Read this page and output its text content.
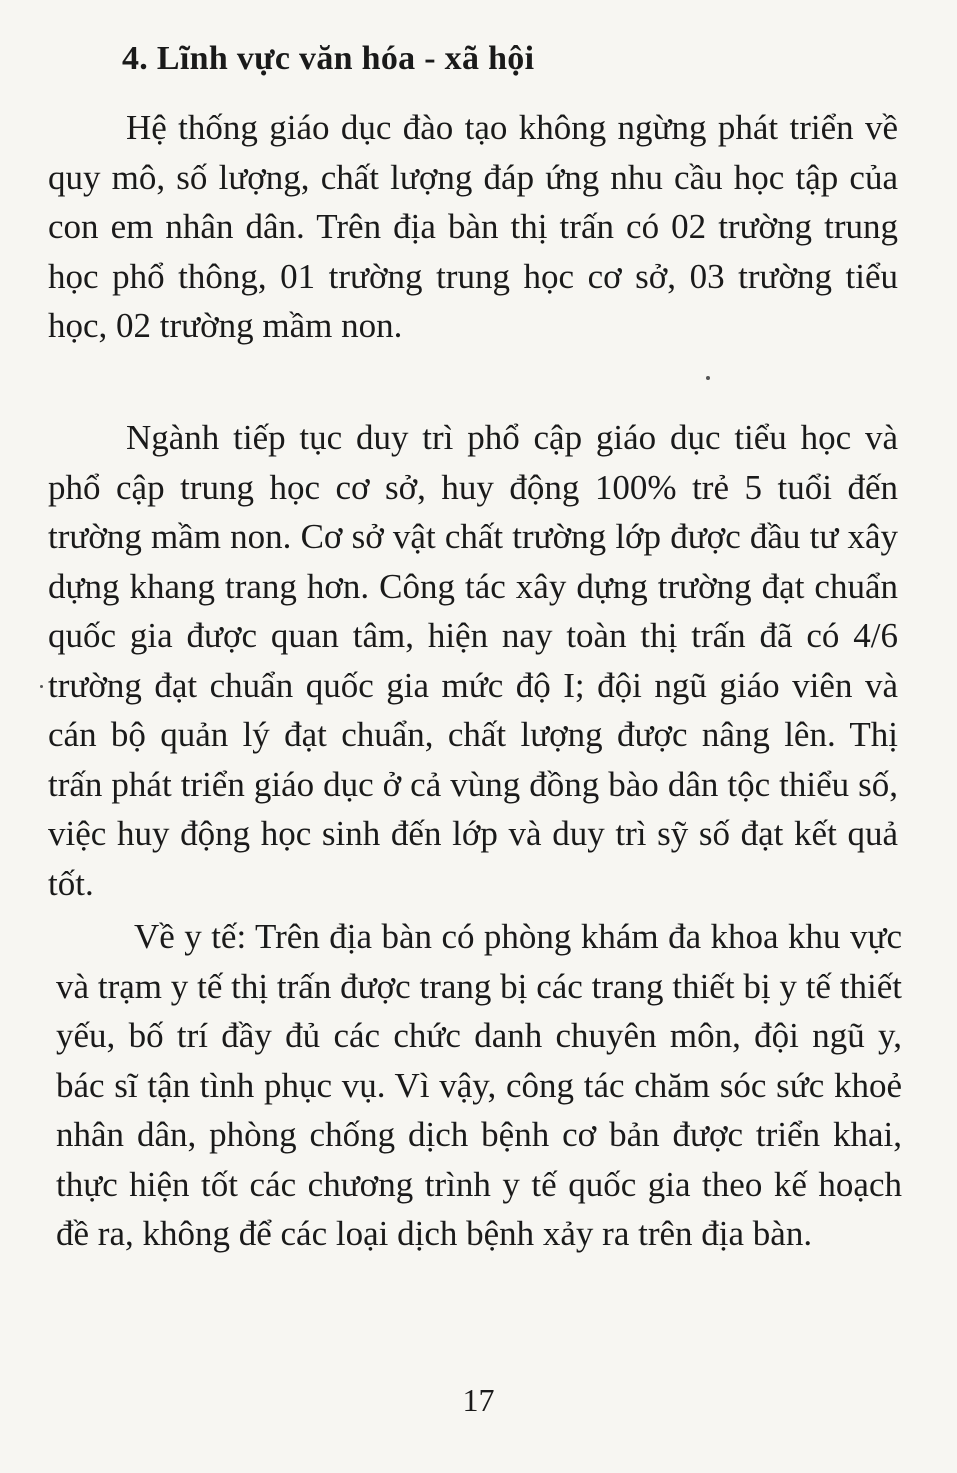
4. Lĩnh vực văn hóa - xã hội

Hệ thống giáo dục đào tạo không ngừng phát triển về quy mô, số lượng, chất lượng đáp ứng nhu cầu học tập của con em nhân dân. Trên địa bàn thị trấn có 02 trường trung học phổ thông, 01 trường trung học cơ sở, 03 trường tiểu học, 02 trường mầm non.

Ngành tiếp tục duy trì phổ cập giáo dục tiểu học và phổ cập trung học cơ sở, huy động 100% trẻ 5 tuổi đến trường mầm non. Cơ sở vật chất trường lớp được đầu tư xây dựng khang trang hơn. Công tác xây dựng trường đạt chuẩn quốc gia được quan tâm, hiện nay toàn thị trấn đã có 4/6 trường đạt chuẩn quốc gia mức độ I; đội ngũ giáo viên và cán bộ quản lý đạt chuẩn, chất lượng được nâng lên. Thị trấn phát triển giáo dục ở cả vùng đồng bào dân tộc thiểu số, việc huy động học sinh đến lớp và duy trì sỹ số đạt kết quả tốt.

Về y tế: Trên địa bàn có phòng khám đa khoa khu vực và trạm y tế thị trấn được trang bị các trang thiết bị y tế thiết yếu, bố trí đầy đủ các chức danh chuyên môn, đội ngũ y, bác sĩ tận tình phục vụ. Vì vậy, công tác chăm sóc sức khoẻ nhân dân, phòng chống dịch bệnh cơ bản được triển khai, thực hiện tốt các chương trình y tế quốc gia theo kế hoạch đề ra, không để các loại dịch bệnh xảy ra trên địa bàn.

17
